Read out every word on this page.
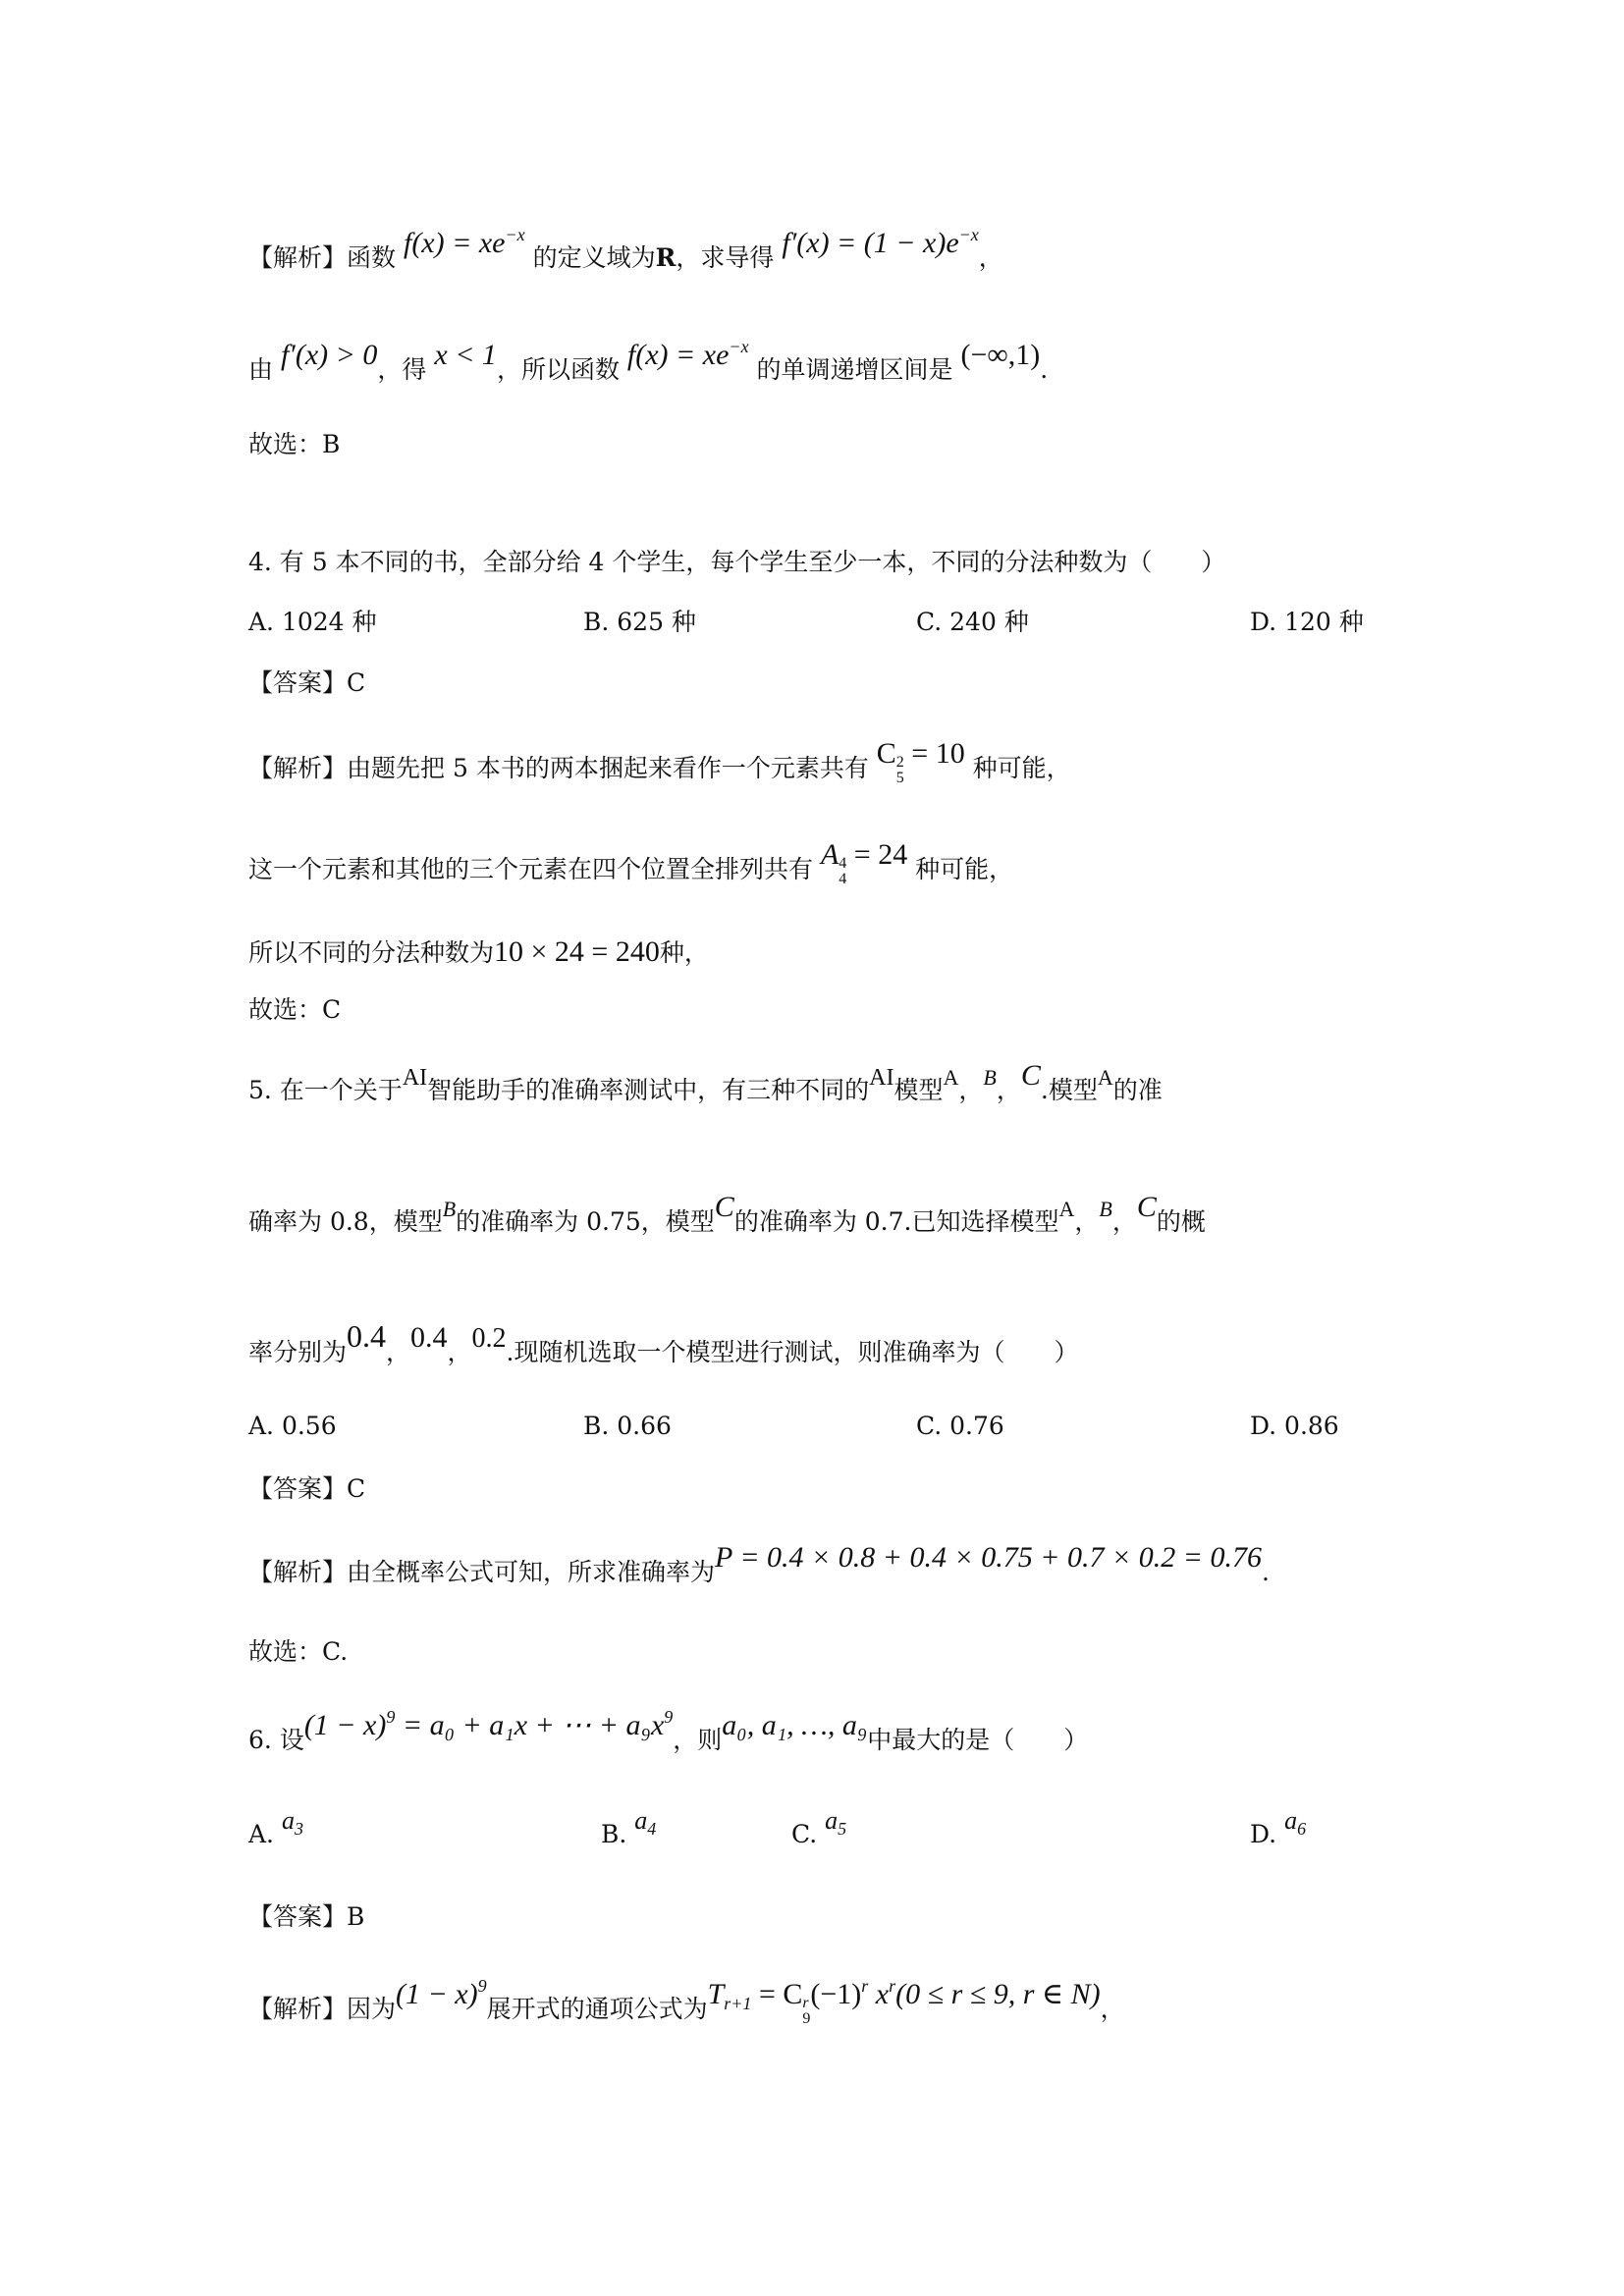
【解析】函数 $f(x) = xe^{-x}$ 的定义域为R，求导得 $f'(x) = (1 - x)e^{-x}$，
由 f′(x) > 0，得 x < 1，所以函数 $f(x) = xe^{-x}$ 的单调递增区间是 (−∞,1).
故选：B
4. 有 5 本不同的书，全部分给 4 个学生，每个学生至少一本，不同的分法种数为（　　）
A. 1024 种	B. 625 种	C. 240 种	D. 120 种
【答案】C
【解析】由题先把 5 本书的两本捆起来看作一个元素共有 C 2
5
= 10 种可能，
这一个元素和其他的三个元素在四个位置全排列共有 A 4
4
= 24 种可能，
所以不同的分法种数为10 × 24 = 240种，
故选：C
5. 在一个关于AI智能助手的准确率测试中，有三种不同的AI模型A，B，C.模型A的准
确率为 0.8，模型B的准确率为 0.75，模型C的准确率为 0.7.已知选择模型A，B，C的概
率分别为0.4，0.4，0.2.现随机选取一个模型进行测试，则准确率为（　　）
A. 0.56	B. 0.66	C. 0.76	D. 0.86
【答案】C
【解析】由全概率公式可知，所求准确率为P = 0.4 × 0.8 + 0.4 × 0.75 + 0.7 × 0.2 = 0.76.
故选：C.
6. 设$(1 - x)^9 = a_0 + a_1x$ + ⋯ + $a_9x^9$，则a₀, a₁, …, a₉中最大的是（　　）
A. $a_3$	B. $a_4$	C. $a_5$	D. $a_6$
【答案】B
【解析】因为$(1 - x)^9$展开式的通项公式为$T_{r+1} = C$ r
9
$(-1)^r$ $x^r(0 \le r \le 9$, r ∈ N)，
